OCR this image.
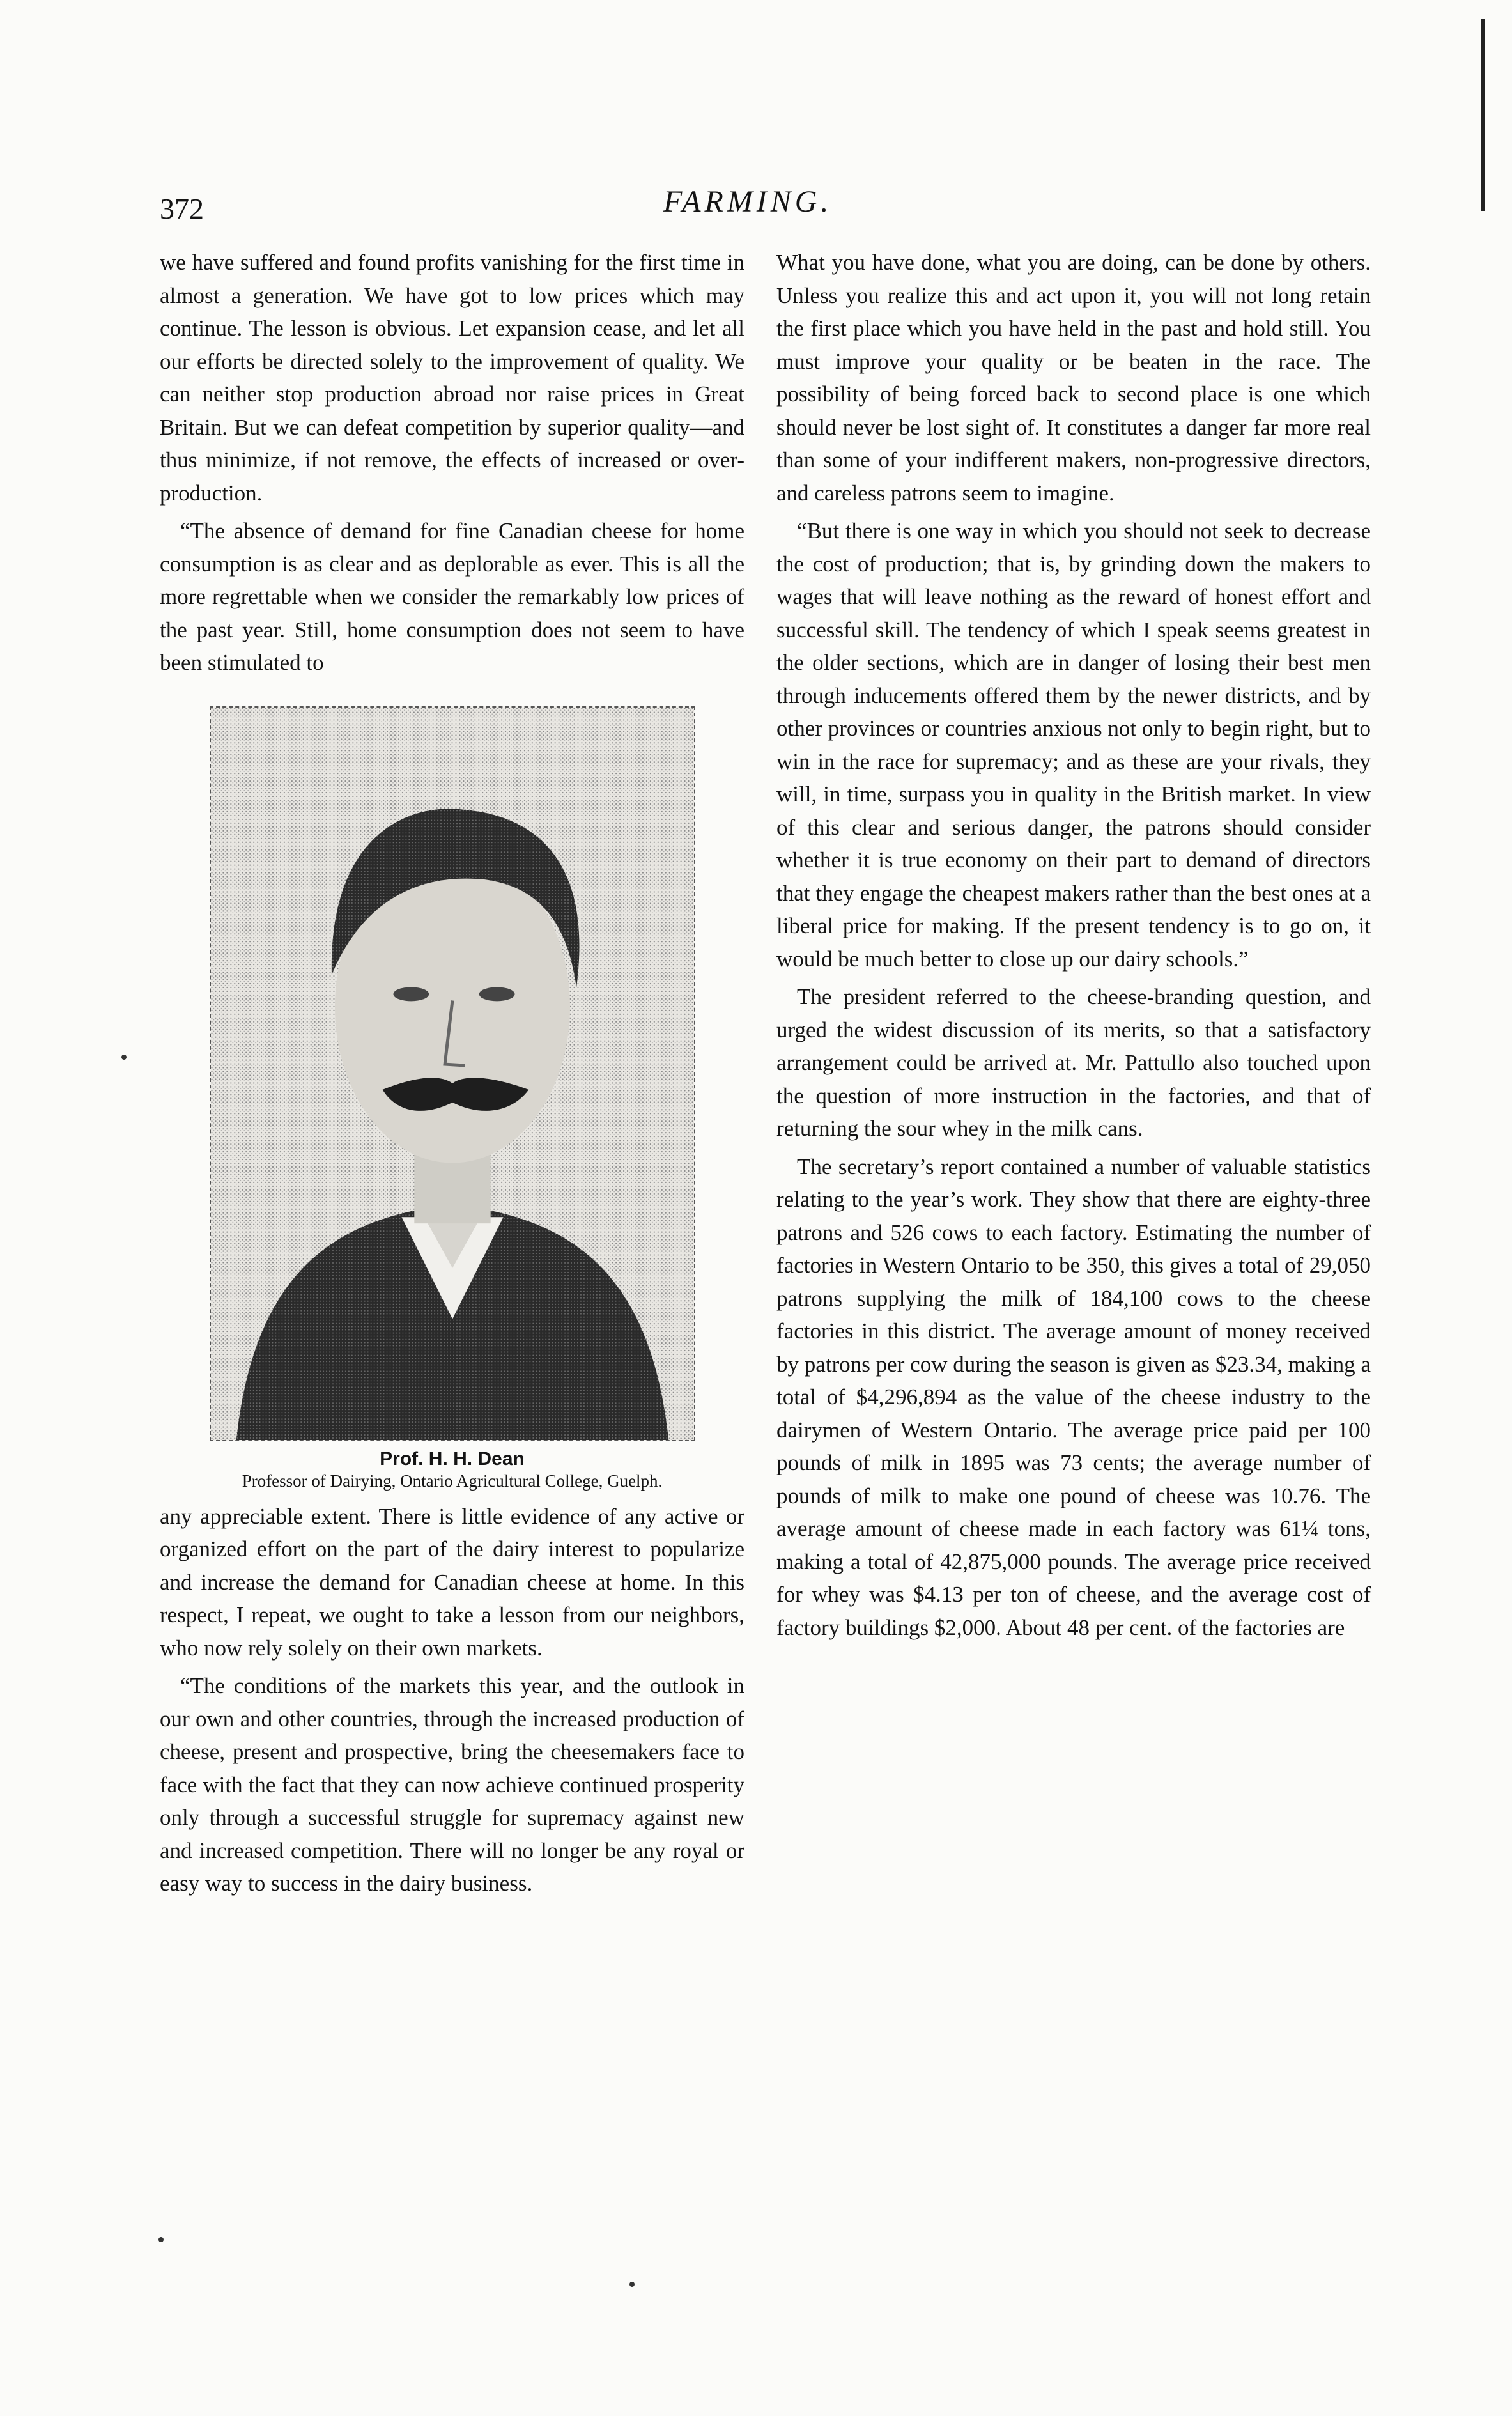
372	FARMING.

we have suffered and found profits vanishing for the first time in almost a generation. We have got to low prices which may continue. The lesson is obvious. Let expansion cease, and let all our efforts be directed solely to the improvement of quality. We can neither stop production abroad nor raise prices in Great Britain. But we can defeat competition by superior quality—and thus minimize, if not remove, the effects of increased or over-production.

“The absence of demand for fine Canadian cheese for home consumption is as clear and as deplorable as ever. This is all the more regrettable when we consider the remarkably low prices of the past year. Still, home consumption does not seem to have been stimulated to

Prof. H. H. Dean
Professor of Dairying, Ontario Agricultural College, Guelph.

any appreciable extent. There is little evidence of any active or organized effort on the part of the dairy interest to popularize and increase the demand for Canadian cheese at home. In this respect, I repeat, we ought to take a lesson from our neighbors, who now rely solely on their own markets.

“The conditions of the markets this year, and the outlook in our own and other countries, through the increased production of cheese, present and prospective, bring the cheesemakers face to face with the fact that they can now achieve continued prosperity only through a successful struggle for supremacy against new and increased competition. There will no longer be any royal or easy way to success in the dairy business.

What you have done, what you are doing, can be done by others. Unless you realize this and act upon it, you will not long retain the first place which you have held in the past and hold still. You must improve your quality or be beaten in the race. The possibility of being forced back to second place is one which should never be lost sight of. It constitutes a danger far more real than some of your indifferent makers, non-progressive directors, and careless patrons seem to imagine.

“But there is one way in which you should not seek to decrease the cost of production; that is, by grinding down the makers to wages that will leave nothing as the reward of honest effort and successful skill. The tendency of which I speak seems greatest in the older sections, which are in danger of losing their best men through inducements offered them by the newer districts, and by other provinces or countries anxious not only to begin right, but to win in the race for supremacy; and as these are your rivals, they will, in time, surpass you in quality in the British market. In view of this clear and serious danger, the patrons should consider whether it is true economy on their part to demand of directors that they engage the cheapest makers rather than the best ones at a liberal price for making. If the present tendency is to go on, it would be much better to close up our dairy schools.”

The president referred to the cheese-branding question, and urged the widest discussion of its merits, so that a satisfactory arrangement could be arrived at. Mr. Pattullo also touched upon the question of more instruction in the factories, and that of returning the sour whey in the milk cans.

The secretary’s report contained a number of valuable statistics relating to the year’s work. They show that there are eighty-three patrons and 526 cows to each factory. Estimating the number of factories in Western Ontario to be 350, this gives a total of 29,050 patrons supplying the milk of 184,100 cows to the cheese factories in this district. The average amount of money received by patrons per cow during the season is given as $23.34, making a total of $4,296,894 as the value of the cheese industry to the dairymen of Western Ontario. The average price paid per 100 pounds of milk in 1895 was 73 cents; the average number of pounds of milk to make one pound of cheese was 10.76. The average amount of cheese made in each factory was 61¼ tons, making a total of 42,875,000 pounds. The average price received for whey was $4.13 per ton of cheese, and the average cost of factory buildings $2,000. About 48 per cent. of the factories are
